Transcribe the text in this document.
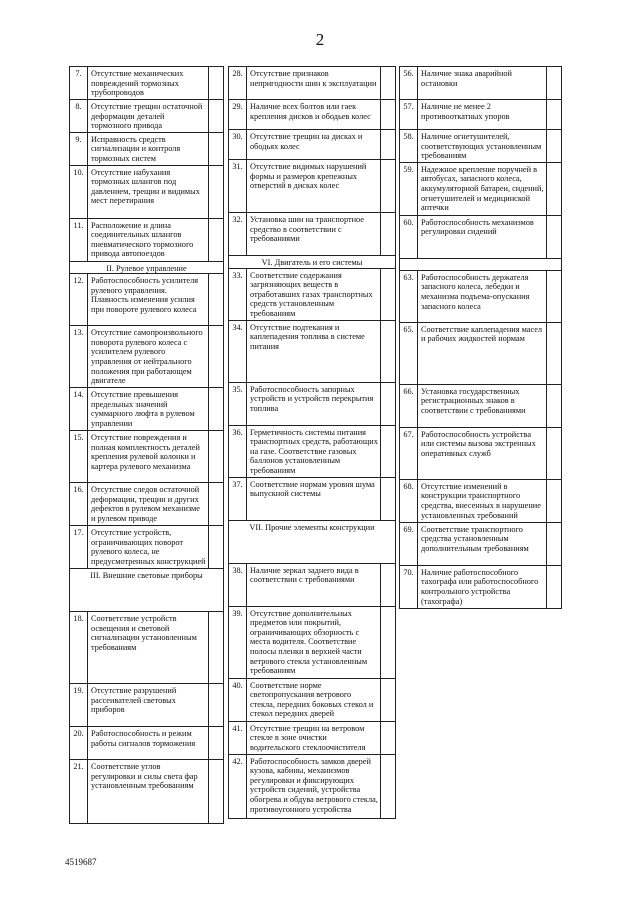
2
7.	Отсутствие механических повреждений тормозных трубопроводов	
8.	Отсутствие трещин остаточной деформации деталей тормозного привода	
9.	Исправность средств сигнализации и контроля тормозных систем	
10.	Отсутствие набухания тормозных шлангов под давлением, трещин и видимых мест перетирания	
11.	Расположение и длина соединительных шлангов пневматического тормозного привода автопоездов	
II. Рулевое управление		
12.	Работоспособность усилителя рулевого управления. Плавность изменения усилия при повороте рулевого колеса	
13.	Отсутствие самопроизвольного поворота рулевого колеса с усилителем рулевого управления от нейтрального положения при работающем двигателе	
14.	Отсутствие превышения предельных значений суммарного люфта в рулевом управлении	
15.	Отсутствие повреждения и полная комплектность деталей крепления рулевой колонки и картера рулевого механизма	
16.	Отсутствие следов остаточной деформации, трещин и других дефектов в рулевом механизме и рулевом приводе	
17.	Отсутствие устройств, ограничивающих поворот рулевого колеса, не предусмотренных конструкцией	
III. Внешние световые приборы		
18.	Соответствие устройств освещения и световой сигнализации установленным требованиям	
19.	Отсутствие разрушений рассеивателей световых приборов	
20.	Работоспособность и режим работы сигналов торможения	
21.	Соответствие углов регулировки и силы света фар установленным требованиям	
28.	Отсутствие признаков непригодности шин к эксплуатации	
29.	Наличие всех болтов или гаек крепления дисков и ободьев колес	
30.	Отсутствие трещин на дисках и ободьях колес	
31.	Отсутствие видимых нарушений формы и размеров крепежных отверстий в дисках колес	
32.	Установка шин на транспортное средство в соответствии с требованиями	
VI. Двигатель и его системы		
33.	Соответствие содержания загрязняющих веществ в отработавших газах транспортных средств установленным требованиям	
34.	Отсутствие подтекания и каплепадения топлива в системе питания	
35.	Работоспособность запорных устройств и устройств перекрытия топлива	
36.	Герметичность системы питания транспортных средств, работающих на газе. Соответствие газовых баллонов установленным требованиям	
37.	Соответствие нормам уровня шума выпускной системы	
VII. Прочие элементы конструкции		
38.	Наличие зеркал заднего вида в соответствии с требованиями	
39.	Отсутствие дополнительных предметов или покрытий, ограничивающих обзорность с места водителя. Соответствие полосы пленки в верхней части ветрового стекла установленным требованиям	
40.	Соответствие норме светопропускания ветрового стекла, передних боковых стекол и стекол передних дверей	
41.	Отсутствие трещин на ветровом стекле в зоне очистки водительского стеклоочистителя	
42.	Работоспособность замков дверей кузова, кабины, механизмов регулировки и фиксирующих устройств сидений, устройства обогрева и обдува ветрового стекла, противоугонного устройства	
56.	Наличие знака аварийной остановки	
57.	Наличие не менее 2 противооткатных упоров	
58.	Наличие огнетушителей, соответствующих установленным требованиям	
59.	Надежное крепление поручней в автобусах, запасного колеса, аккумуляторной батареи, сидений, огнетушителей и медицинской аптечки	
60.	Работоспособность механизмов регулировки сидений	

63.	Работоспособность держателя запасного колеса, лебедки и механизма подъема-опускания запасного колеса	
65.	Соответствие каплепадения масел и рабочих жидкостей нормам	
66.	Установка государственных регистрационных знаков в соответствии с требованиями	
67.	Работоспособность устройства или системы вызова экстренных оперативных служб	
68.	Отсутствие изменений в конструкции транспортного средства, внесенных в нарушение установленных требований	
69.	Соответствие транспортного средства установленным дополнительным требованиям	
70.	Наличие работоспособного тахографа или работоспособного контрольного устройства (тахографа)	
4519687
